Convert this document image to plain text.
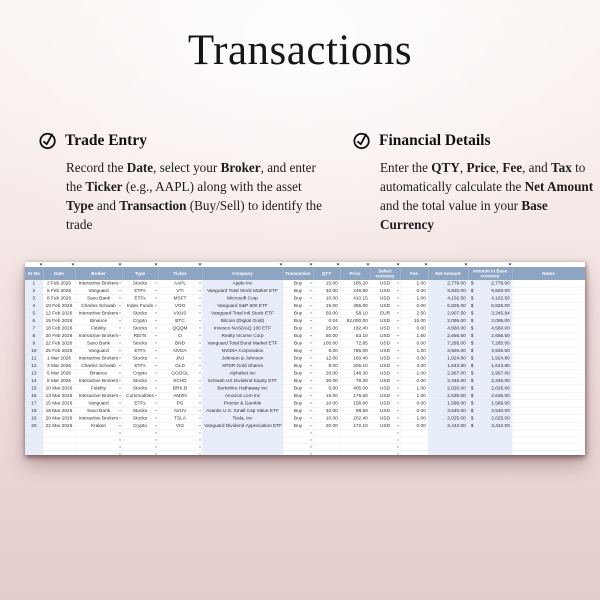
Transactions
Trade Entry

Record the Date, select your Broker, and enter the Ticker (e.g., AAPL) along with the asset Type and Transaction (Buy/Sell) to identify the trade

Financial Details

Enter the QTY, Price, Fee, and Tax to automatically calculate the Net Amount and the total value in your Base Currency

Sr No	Date	Broker	Type	Ticker	Company	Transaction	QTY	Price	Select currency	Fee	Net Amount	Amount in Base currency	Notes
1	2 Feb 2026	Interactive Brokers	Stocks	AAPL	Apple Inc	Buy	15.00	185.20	USD	1.00	2,779.00	$ 2,779.00	
2	5 Feb 2026	Vanguard	ETFs	VTI	Vanguard Total Stock Market ETF	Buy	40.00	245.50	USD	0.00	9,820.00	$ 9,820.00	
3	8 Feb 2026	Saxo Bank	ETFs	MSFT	Microsoft Corp	Buy	10.00	410.15	USD	1.00	4,102.50	$ 4,102.50	
4	10 Feb 2026	Charles Schwab	Index Funds	VOO	Vanguard S&P 500 ETF	Buy	15.00	455.00	USD	0.00	6,825.00	$ 6,825.00	
5	12 Feb 2026	Interactive Brokers	Stocks	VXUS	Vanguard Total Intl Stock ETF	Buy	50.00	58.10	EUR	2.50	2,907.50	$ 3,345.94	
6	15 Feb 2026	Binance	Crypto	BTC	Bitcoin (Digital Gold)	Buy	0.04	52,000.00	USD	15.00	2,095.00	$ 2,095.00	
7	18 Feb 2026	Fidelity	Stocks	QQQM	Invesco NASDAQ 100 ETF	Buy	25.00	182.40	USD	0.00	4,560.00	$ 4,560.00	
8	20 Feb 2026	Interactive Brokers	REITs	O	Realty Income Corp	Buy	50.00	53.10	USD	1.50	2,656.50	$ 2,656.50	
9	22 Feb 2026	Saxo Bank	Stocks	BND	Vanguard Total Bond Market ETF	Buy	100.00	72.85	USD	0.00	7,285.00	$ 7,285.00	
10	25 Feb 2026	Vanguard	ETFs	NVDA	NVIDIA Corporation	Buy	5.00	785.00	USD	1.00	3,926.00	$ 3,926.00	
11	1 Mar 2026	Interactive Brokers	Stocks	JNJ	Johnson & Johnson	Buy	12.00	160.40	USD	0.00	1,924.80	$ 1,924.80	
12	3 Mar 2026	Charles Schwab	ETFs	GLD	SPDR Gold Shares	Buy	8.00	205.10	USD	3.00	1,643.80	$ 1,643.80	
13	5 Mar 2026	Binance	Crypto	GOOGL	Alphabet Inc	Buy	20.00	148.30	USD	1.00	2,967.00	$ 2,967.00	
14	8 Mar 2026	Interactive Brokers	Stocks	SCHD	Schwab US Dividend Equity ETF	Buy	30.00	78.20	USD	0.00	2,346.00	$ 2,346.00	
15	10 Mar 2026	Fidelity	Stocks	BRK.B	Berkshire Hathaway Inc	Buy	5.00	405.00	USD	1.00	2,026.00	$ 2,026.00	
16	13 Mar 2026	Interactive Brokers	Commodities	AMZN	Amazon.com Inc	Buy	15.00	175.60	USD	1.00	2,635.00	$ 2,635.00	
17	15 Mar 2026	Vanguard	ETFs	PG	Procter & Gamble	Buy	10.00	158.90	USD	0.00	1,589.00	$ 1,589.00	
18	18 Mar 2026	Saxo Bank	Stocks	AVUV	Avantis U.S. Small Cap Value ETF	Buy	40.00	88.50	USD	0.00	3,540.00	$ 3,540.00	
19	20 Mar 2026	Interactive Brokers	Stocks	TSLA	Tesla, Inc	Buy	10.00	202.40	USD	1.00	2,025.00	$ 2,025.00	
20	22 Mar 2026	Kraken	Crypto	VIG	Vanguard Dividend Appreciation ETF	Buy	20.00	172.10	USD	0.00	3,442.00	$ 3,442.00	
